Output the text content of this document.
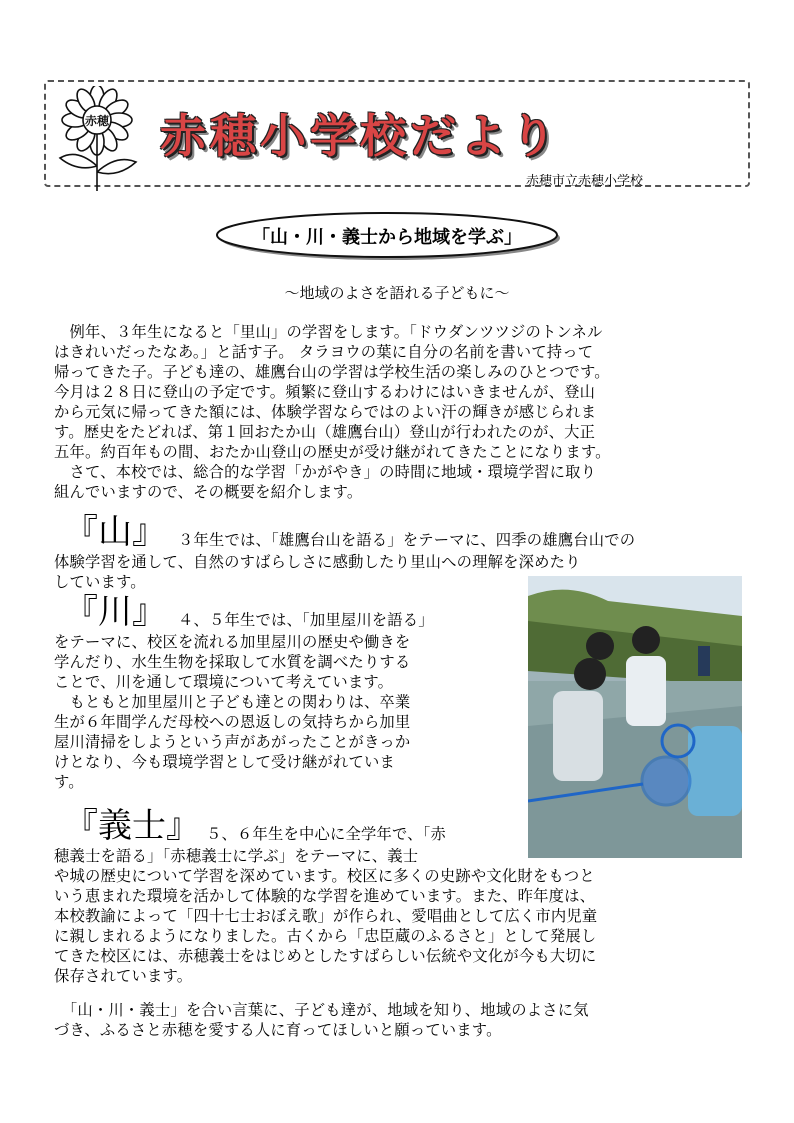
赤穂 赤穂小学校だより
赤穂市立赤穂小学校
「山・川・義士から地域を学ぶ」
～地域のよさを語れる子どもに～
　例年、３年生になると「里山」の学習をします。「ドウダンツツジのトンネル
はきれいだったなあ。」と話す子。 タラヨウの葉に自分の名前を書いて持って
帰ってきた子。子ども達の、雄鷹台山の学習は学校生活の楽しみのひとつです。
今月は２８日に登山の予定です。頻繁に登山するわけにはいきませんが、登山
から元気に帰ってきた額には、体験学習ならではのよい汗の輝きが感じられま
す。歴史をたどれば、第１回おたか山（雄鷹台山）登山が行われたのが、大正
五年。約百年もの間、おたか山登山の歴史が受け継がれてきたことになります。
　さて、本校では、総合的な学習「かがやき」の時間に地域・環境学習に取り
組んでいますので、その概要を紹介します。
『山』 ３年生では、「雄鷹台山を語る」をテーマに、四季の雄鷹台山での
体験学習を通して、自然のすばらしさに感動したり里山への理解を深めたり
しています。
『川』 ４、５年生では、「加里屋川を語る」
をテーマに、校区を流れる加里屋川の歴史や働きを
学んだり、水生生物を採取して水質を調べたりする
ことで、川を通して環境について考えています。
　もともと加里屋川と子ども達との関わりは、卒業
生が６年間学んだ母校への恩返しの気持ちから加里
屋川清掃をしようという声があがったことがきっか
けとなり、今も環境学習として受け継がれていま
す。
『義士』 ５、６年生を中心に全学年で、「赤
穂義士を語る」「赤穂義士に学ぶ」をテーマに、義士
や城の歴史について学習を深めています。校区に多くの史跡や文化財をもつと
いう恵まれた環境を活かして体験的な学習を進めています。また、昨年度は、
本校教諭によって「四十七士おぼえ歌」が作られ、愛唱曲として広く市内児童
に親しまれるようになりました。古くから「忠臣蔵のふるさと」として発展し
てきた校区には、赤穂義士をはじめとしたすばらしい伝統や文化が今も大切に
保存されています。
　「山・川・義士」を合い言葉に、子ども達が、地域を知り、地域のよさに気
づき、ふるさと赤穂を愛する人に育ってほしいと願っています。
